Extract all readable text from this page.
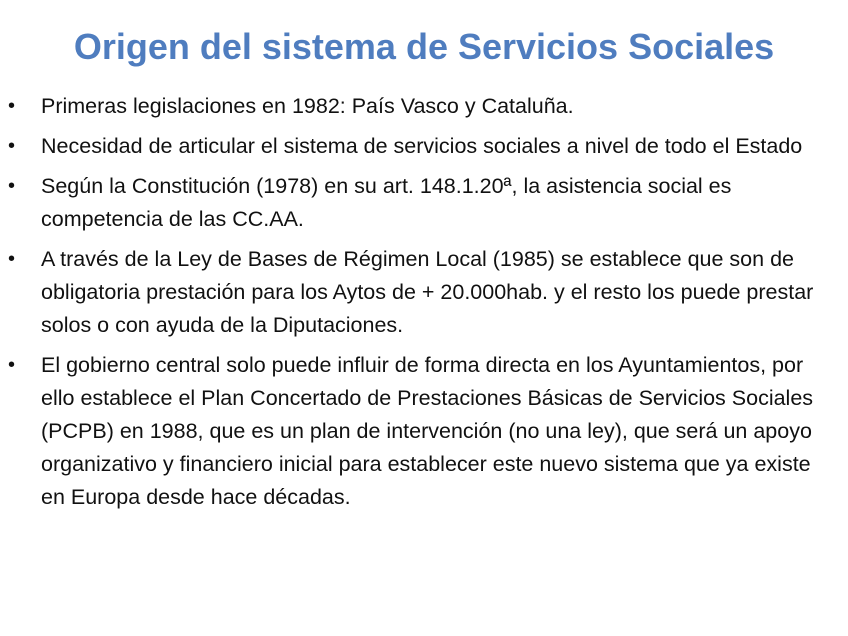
Origen del sistema de Servicios Sociales
• Primeras legislaciones en 1982: País Vasco y Cataluña.
• Necesidad de articular el sistema de servicios sociales a nivel de todo el Estado
• Según la Constitución (1978) en su art. 148.1.20ª, la asistencia social es competencia de las CC.AA.
• A través de la Ley de Bases de Régimen Local (1985) se establece que son de obligatoria prestación para los Aytos de + 20.000hab. y el resto los puede prestar solos o con ayuda de la Diputaciones.
• El gobierno central solo puede influir de forma directa en los Ayuntamientos, por ello establece el Plan Concertado de Prestaciones Básicas de Servicios Sociales (PCPB) en 1988, que es un plan de intervención (no una ley), que será un apoyo organizativo y financiero inicial para establecer este nuevo sistema que ya existe en Europa desde hace décadas.
